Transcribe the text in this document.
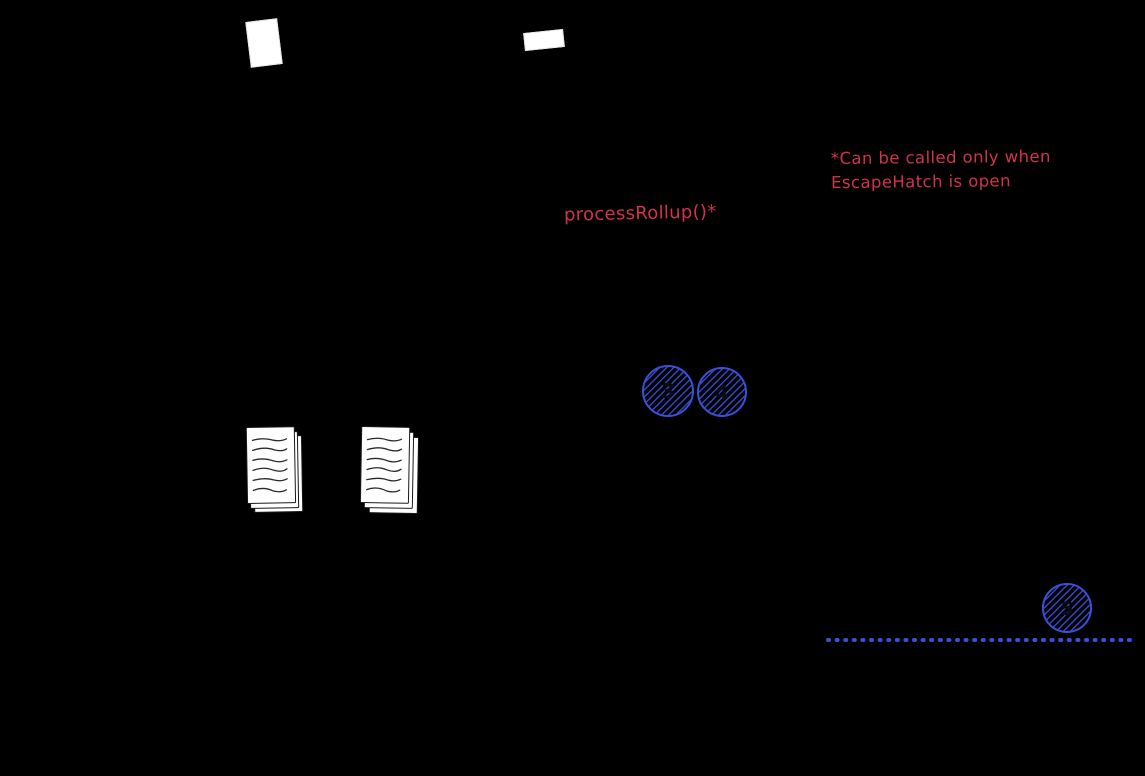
*Can be called only when
EscapeHatch is open
processRollup()*
3 4
5
